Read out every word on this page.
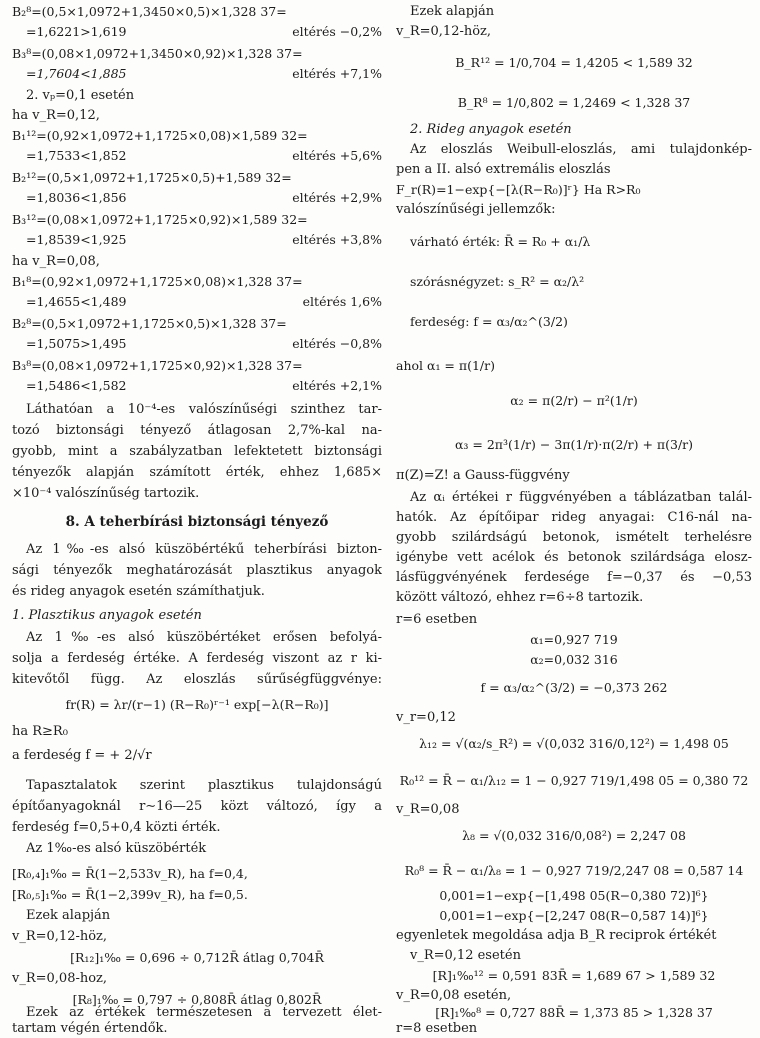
B₂⁸=(0,5×1,0972+1,3450×0,5)×1,328 37=
=1,6221>1,619	eltérés −0,2%
B₃⁸=(0,08×1,0972+1,3450×0,92)×1,328 37=
=1,7604<1,885	eltérés +7,1%
2. vₚ=0,1 esetén
ha v_R=0,12,
B₁¹²=(0,92×1,0972+1,1725×0,08)×1,589 32=
=1,7533<1,852	eltérés +5,6%
B₂¹²=(0,5×1,0972+1,1725×0,5)+1,589 32=
=1,8036<1,856	eltérés +2,9%
B₃¹²=(0,08×1,0972+1,1725×0,92)×1,589 32=
=1,8539<1,925	eltérés +3,8%
ha v_R=0,08,
B₁⁸=(0,92×1,0972+1,1725×0,08)×1,328 37=
=1,4655<1,489	eltérés 1,6%
B₂⁸=(0,5×1,0972+1,1725×0,5)×1,328 37=
=1,5075>1,495	eltérés −0,8%
B₃⁸=(0,08×1,0972+1,1725×0,92)×1,328 37=
=1,5486<1,582	eltérés +2,1%
Láthatóan a 10⁻⁴-es valószínűségi szinthez tar-
tozó biztonsági tényező átlagosan 2,7%-kal na-
gyobb, mint a szabályzatban lefektetett biztonsági
tényezők alapján számított érték, ehhez 1,685×
×10⁻⁴ valószínűség tartozik.
8. A teherbírási biztonsági tényező
Az 1‰-es alsó küszöbértékű teherbírási bizton-
sági tényezők meghatározását plasztikus anyagok
és rideg anyagok esetén számíthatjuk.
1. Plasztikus anyagok esetén
Az 1‰-es alsó küszöbértéket erősen befolyá-
solja a ferdeség értéke. A ferdeség viszont az r ki-
kitevőtől függ. Az eloszlás sűrűségfüggvénye:
fr(R) = λr/(r−1) (R−R₀)ʳ⁻¹ exp[−λ(R−R₀)]
ha R≥R₀
a ferdeség f = + 2/√r
Tapasztalatok szerint plasztikus tulajdonságú
építőanyagoknál r∼16—25 közt változó, így a
ferdeség f=0,5+0,4 közti érték.
Az 1‰-es alsó küszöbérték
[R₀,₄]₁‰ = R̄(1−2,533v_R), ha f=0,4,
[R₀,₅]₁‰ = R̄(1−2,399v_R), ha f=0,5.
Ezek alapján
v_R=0,12-höz,
[R₁₂]₁‰ = 0,696 ÷ 0,712R̄ átlag 0,704R̄
v_R=0,08-hoz,
[R₈]₁‰ = 0,797 ÷ 0,808R̄ átlag 0,802R̄
Ezek az értékek természetesen a tervezett élet-
tartam végén értendők.
Ezek alapján
v_R=0,12-höz,
B_R¹² = 1/0,704 = 1,4205 < 1,589 32
B_R⁸ = 1/0,802 = 1,2469 < 1,328 37
2. Rideg anyagok esetén
Az eloszlás Weibull-eloszlás, ami tulajdonkép-
pen a II. alsó extremális eloszlás
F_r(R)=1−exp{−[λ(R−R₀)]ʳ} Ha R>R₀
valószínűségi jellemzők:
várható érték: R̄ = R₀ + α₁/λ
szórásnégyzet: s_R² = α₂/λ²
ferdeség: f = α₃/α₂^(3/2)
ahol α₁ = π(1/r)
α₂ = π(2/r) − π²(1/r)
α₃ = 2π³(1/r) − 3π(1/r)·π(2/r) + π(3/r)
π(Z)=Z! a Gauss-függvény
Az αᵢ értékei r függvényében a táblázatban talál-
hatók. Az építőipar rideg anyagai: C16-nál na-
gyobb szilárdságú betonok, ismételt terhelésre
igénybe vett acélok és betonok szilárdsága elosz-
lásfüggvényének ferdesége f=−0,37 és −0,53
között változó, ehhez r=6÷8 tartozik.
r=6 esetben
α₁=0,927 719
α₂=0,032 316
f = α₃/α₂^(3/2) = −0,373 262
v_r=0,12
λ₁₂ = √(α₂/s_R²) = √(0,032 316/0,12²) = 1,498 05
R₀¹² = R̄ − α₁/λ₁₂ = 1 − 0,927 719/1,498 05 = 0,380 72
v_R=0,08
λ₈ = √(0,032 316/0,08²) = 2,247 08
R₀⁸ = R̄ − α₁/λ₈ = 1 − 0,927 719/2,247 08 = 0,587 14
0,001=1−exp{−[1,498 05(R−0,380 72)]⁶}
0,001=1−exp{−[2,247 08(R−0,587 14)]⁶}
egyenletek megoldása adja B_R reciprok értékét
v_R=0,12 esetén
[R]₁‰¹² = 0,591 83R̄ = 1,689 67 > 1,589 32
v_R=0,08 esetén,
[R]₁‰⁸ = 0,727 88R̄ = 1,373 85 > 1,328 37
r=8 esetben
